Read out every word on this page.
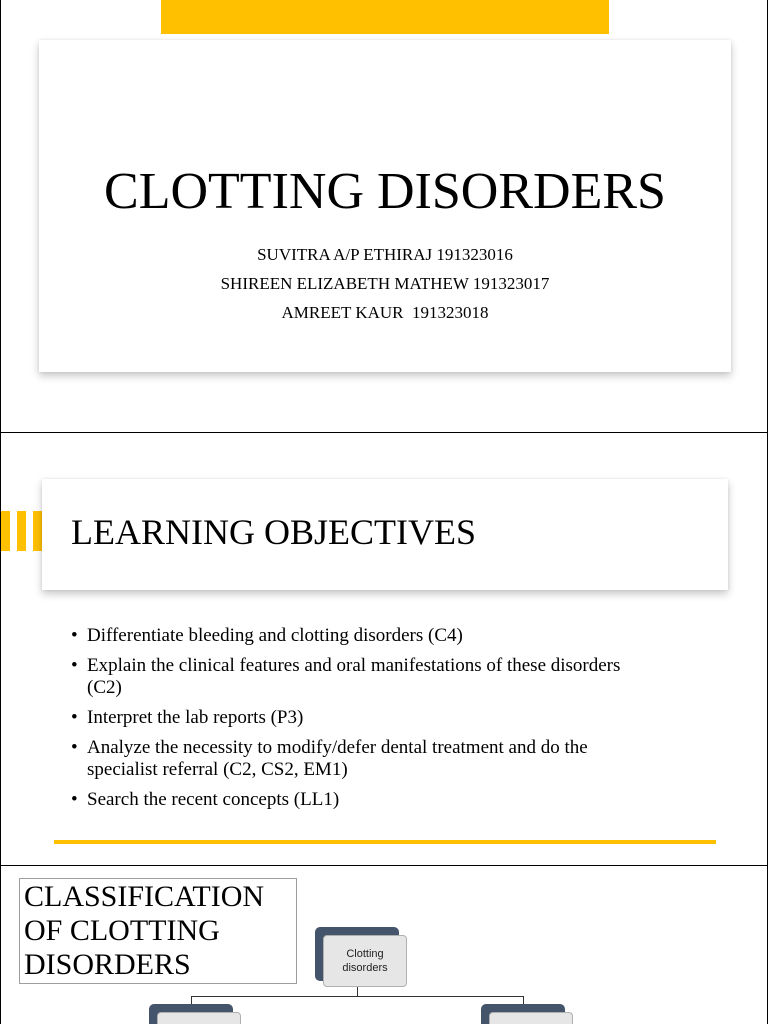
CLOTTING DISORDERS
SUVITRA A/P ETHIRAJ 191323016
SHIREEN ELIZABETH MATHEW 191323017
AMREET KAUR  191323018
LEARNING OBJECTIVES
• Differentiate bleeding and clotting disorders (C4)
• Explain the clinical features and oral manifestations of these disorders
(C2)
• Interpret the lab reports (P3)
• Analyze the necessity to modify/defer dental treatment and do the
specialist referral (C2, CS2, EM1)
• Search the recent concepts (LL1)
CLASSIFICATION
OF CLOTTING
DISORDERS	Clotting
disorders
